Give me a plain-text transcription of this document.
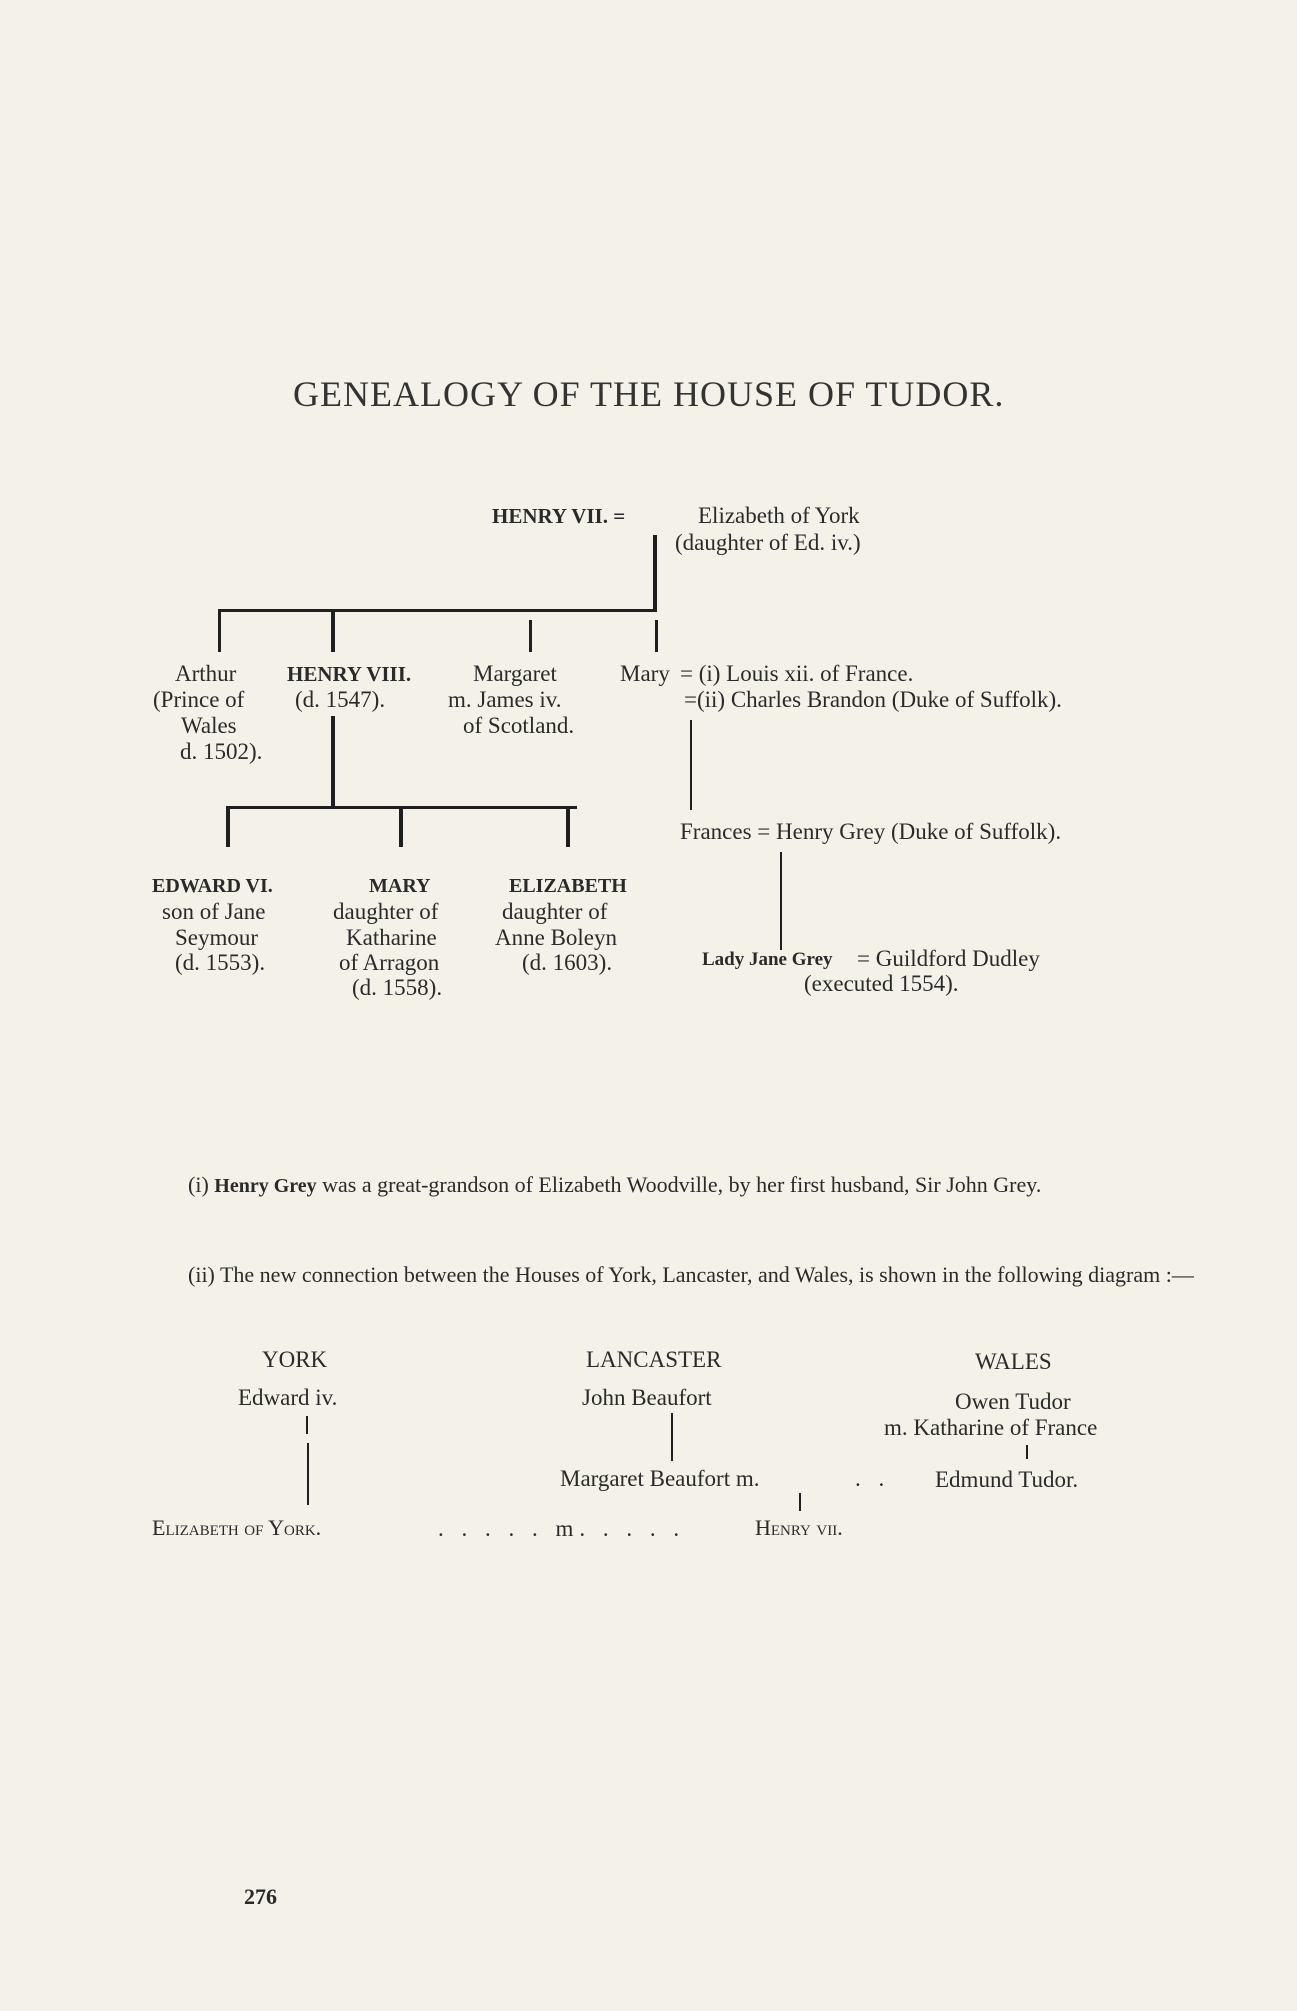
GENEALOGY OF THE HOUSE OF TUDOR.
HENRY VII. =	Elizabeth of York
(daughter of Ed. iv.)
Arthur
(Prince of
Wales
d. 1502).
HENRY VIII.
(d. 1547).
Margaret
m. James iv.
of Scotland.
Mary = (i) Louis xii. of France.
=(ii) Charles Brandon (Duke of Suffolk).
Frances = Henry Grey (Duke of Suffolk).
EDWARD VI.
son of Jane
Seymour
(d. 1553).
MARY
daughter of
Katharine
of Arragon
(d. 1558).
ELIZABETH
daughter of
Anne Boleyn
(d. 1603).	Lady Jane Grey = Guildford Dudley
(executed 1554).
(i) Henry Grey was a great-grandson of Elizabeth Woodville, by her first husband, Sir John Grey.
(ii) The new connection between the Houses of York, Lancaster, and Wales, is shown in the following diagram :—
YORK	LANCASTER	WALES
Edward iv.	John Beaufort	Owen Tudor
m. Katharine of France
Margaret Beaufort m.	. . Edmund Tudor.
Elizabeth of York.	. . . . . m. . . . .	Henry vii.
276
